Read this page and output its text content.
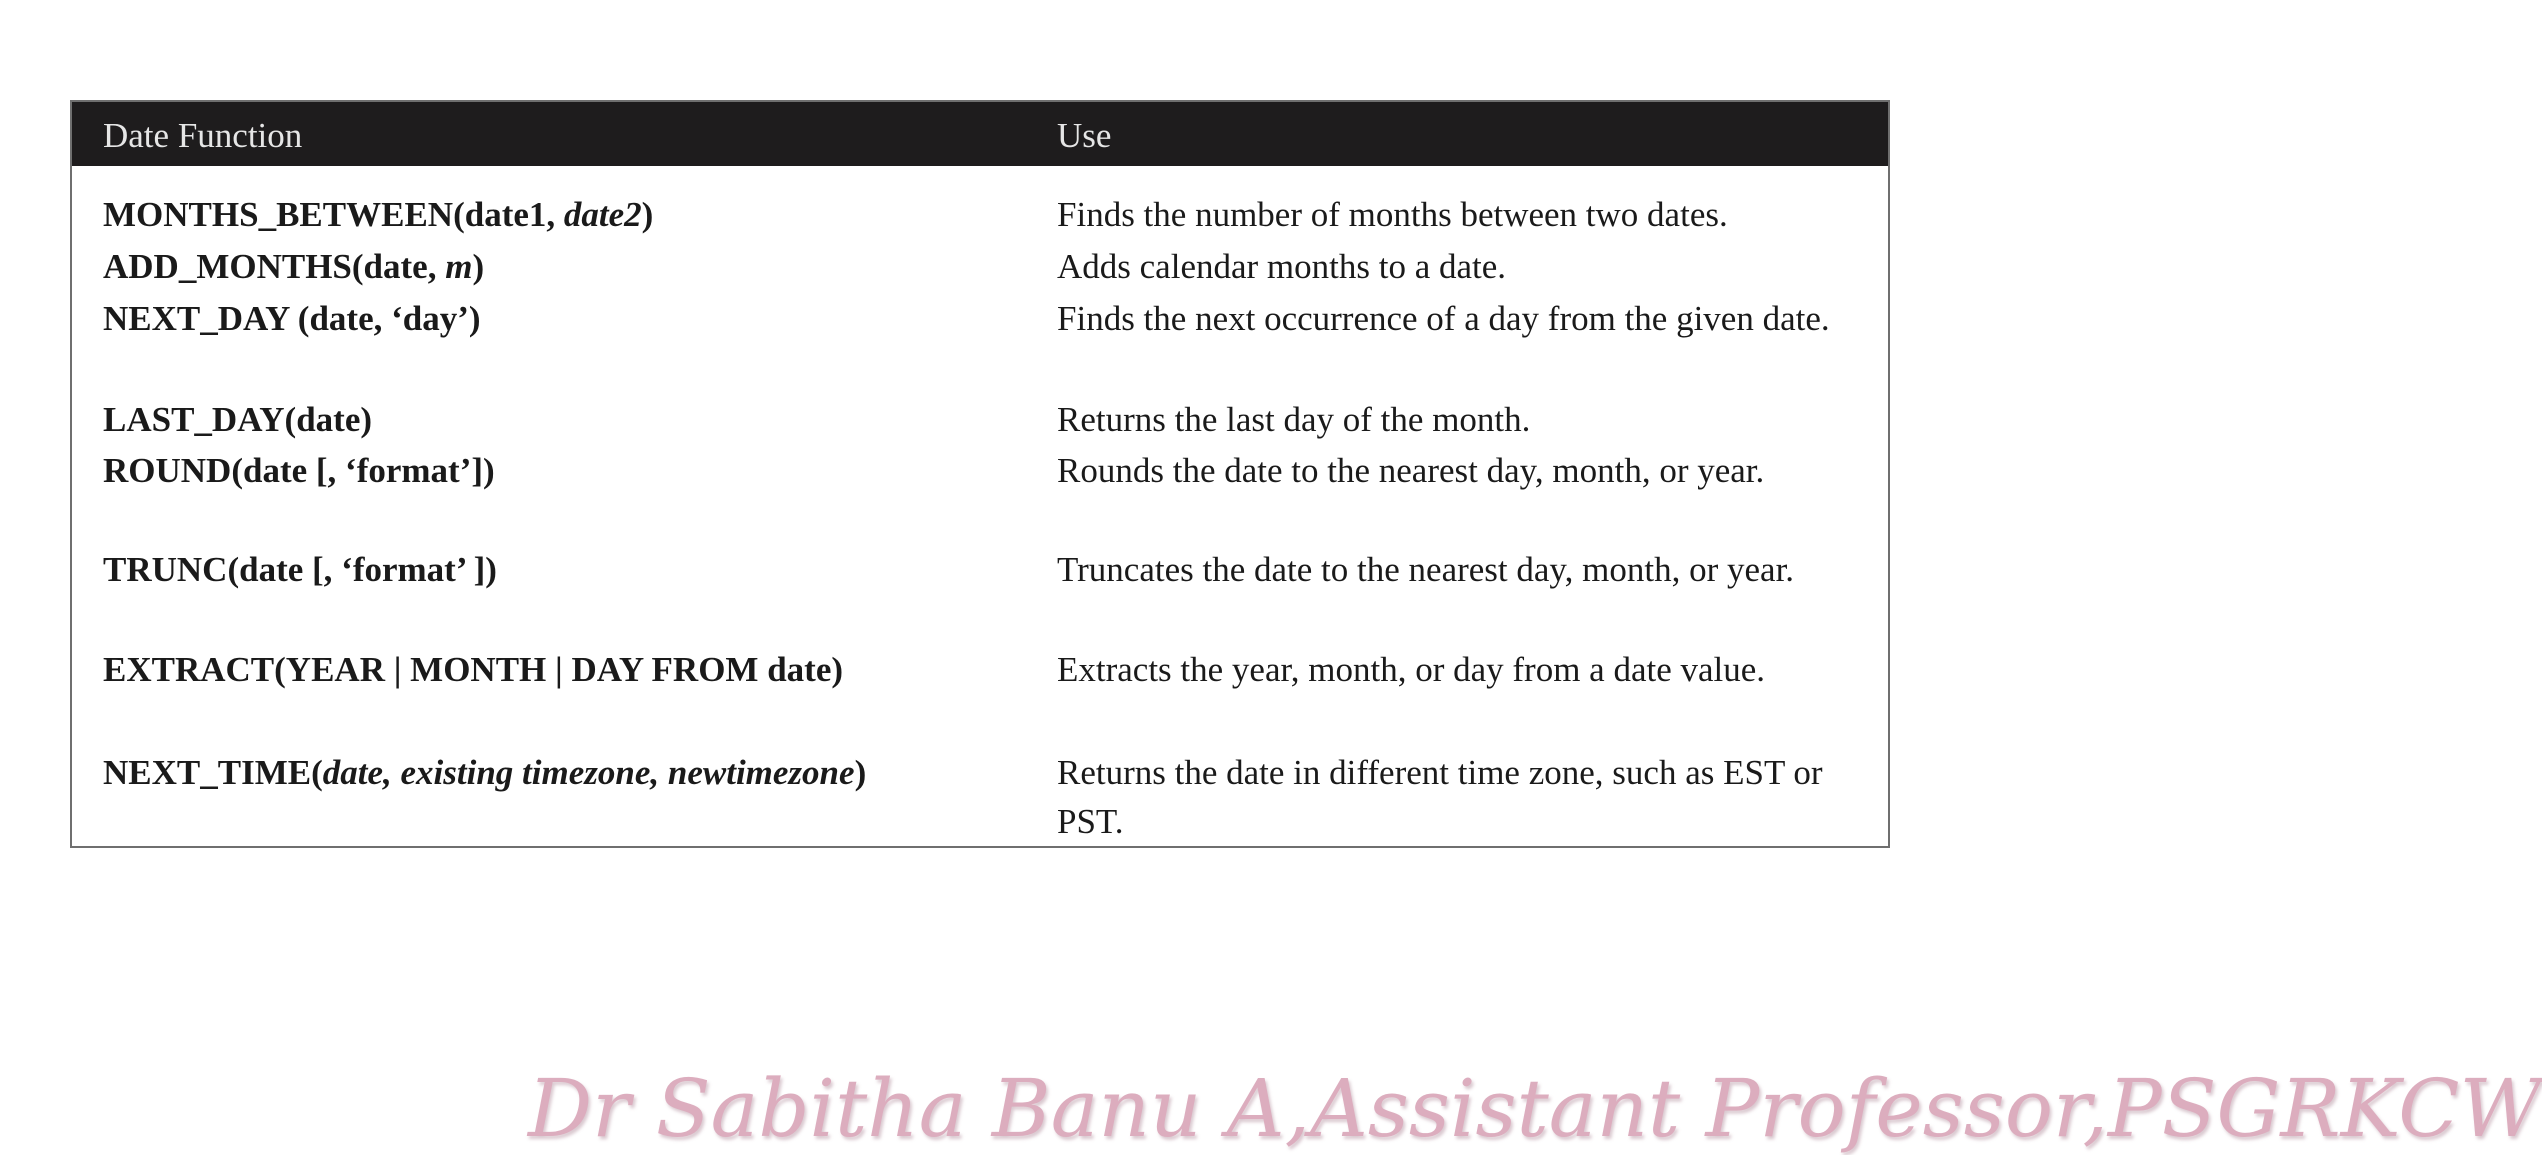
Date Function	Use
MONTHS_BETWEEN(date1, date2)	Finds the number of months between two dates.
ADD_MONTHS(date, m)	Adds calendar months to a date.
NEXT_DAY (date, ‘day’)	Finds the next occurrence of a day from the given date.
LAST_DAY(date)	Returns the last day of the month.
ROUND(date [, ‘format’])	Rounds the date to the nearest day, month, or year.
TRUNC(date [, ‘format’ ])	Truncates the date to the nearest day, month, or year.
EXTRACT(YEAR | MONTH | DAY FROM date)	Extracts the year, month, or day from a date value.
NEXT_TIME(date, existing timezone, newtimezone)	Returns the date in different time zone, such as EST or PST.
Dr Sabitha Banu A,Assistant Professor,PSGRKCW
